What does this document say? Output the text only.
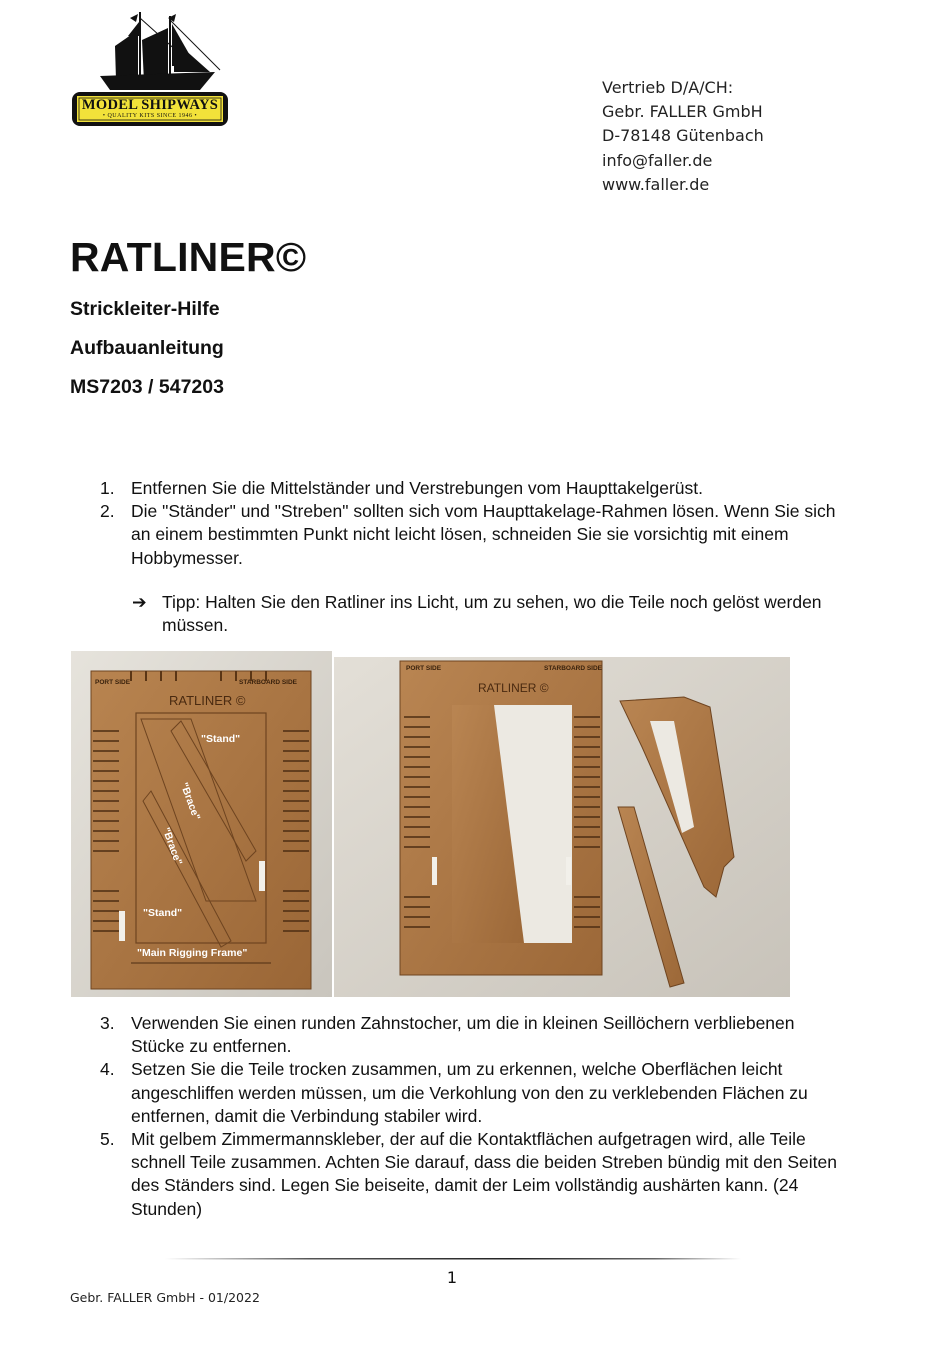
MODEL SHIPWAYS
• QUALITY KITS SINCE 1946 •
Vertrieb D/A/CH:
Gebr. FALLER GmbH
D-78148 Gütenbach
info@faller.de
www.faller.de
RATLINER©
Strickleiter-Hilfe
Aufbauanleitung
MS7203 / 547203
1. Entfernen Sie die Mittelständer und Verstrebungen vom Haupttakelgerüst.
2. Die "Ständer" und "Streben" sollten sich vom Haupttakelage-Rahmen lösen. Wenn Sie sich an einem bestimmten Punkt nicht leicht lösen, schneiden Sie sie vorsichtig mit einem Hobbymesser.
➔ Tipp: Halten Sie den Ratliner ins Licht, um zu sehen, wo die Teile noch gelöst werden müssen.
PORT SIDE	STARBOARD SIDE
RATLINER ©
"Stand"
"Brace"
"Brace"
"Stand"
"Main Rigging Frame"
PORT SIDE	STARBOARD SIDE
RATLINER ©
3. Verwenden Sie einen runden Zahnstocher, um die in kleinen Seillöchern verbliebenen Stücke zu entfernen.
4. Setzen Sie die Teile trocken zusammen, um zu erkennen, welche Oberflächen leicht angeschliffen werden müssen, um die Verkohlung von den zu verklebenden Flächen zu entfernen, damit die Verbindung stabiler wird.
5. Mit gelbem Zimmermannskleber, der auf die Kontaktflächen aufgetragen wird, alle Teile schnell Teile zusammen. Achten Sie darauf, dass die beiden Streben bündig mit den Seiten des Ständers sind. Legen Sie beiseite, damit der Leim vollständig aushärten kann. (24 Stunden)
1
Gebr. FALLER GmbH - 01/2022
